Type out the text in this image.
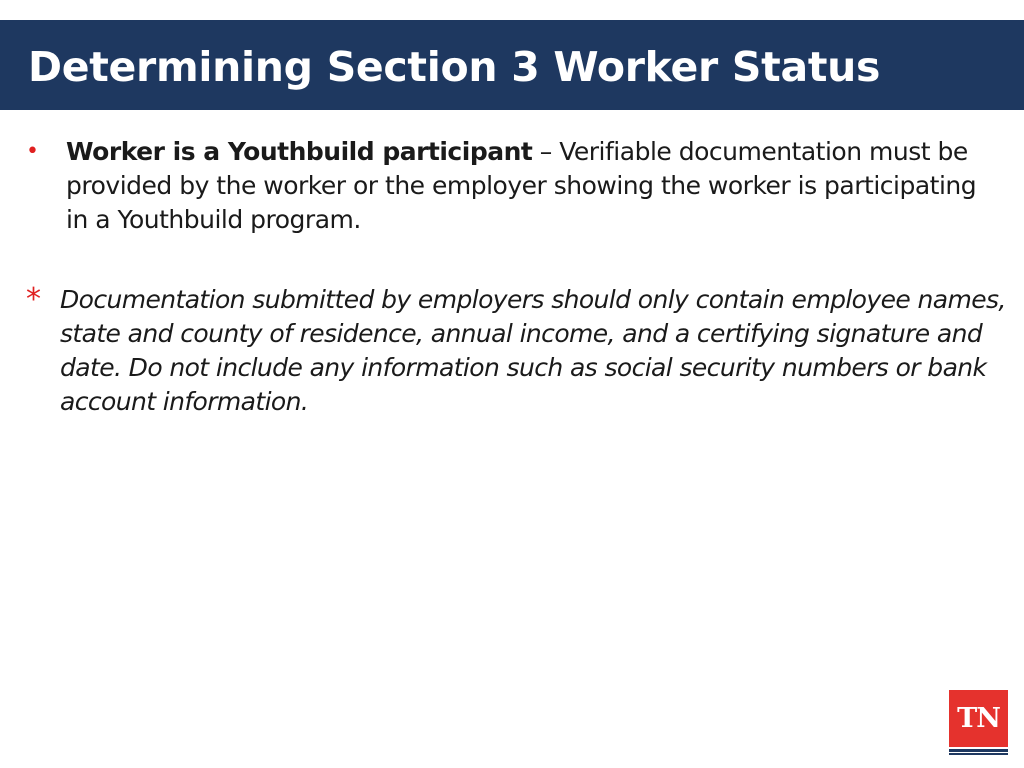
Determining Section 3 Worker Status
• Worker is a Youthbuild participant – Verifiable documentation must be provided by the worker or the employer showing the worker is participating in a Youthbuild program.
* Documentation submitted by employers should only contain employee names, state and county of residence, annual income, and a certifying signature and date. Do not include any information such as social security numbers or bank account information.
TN
